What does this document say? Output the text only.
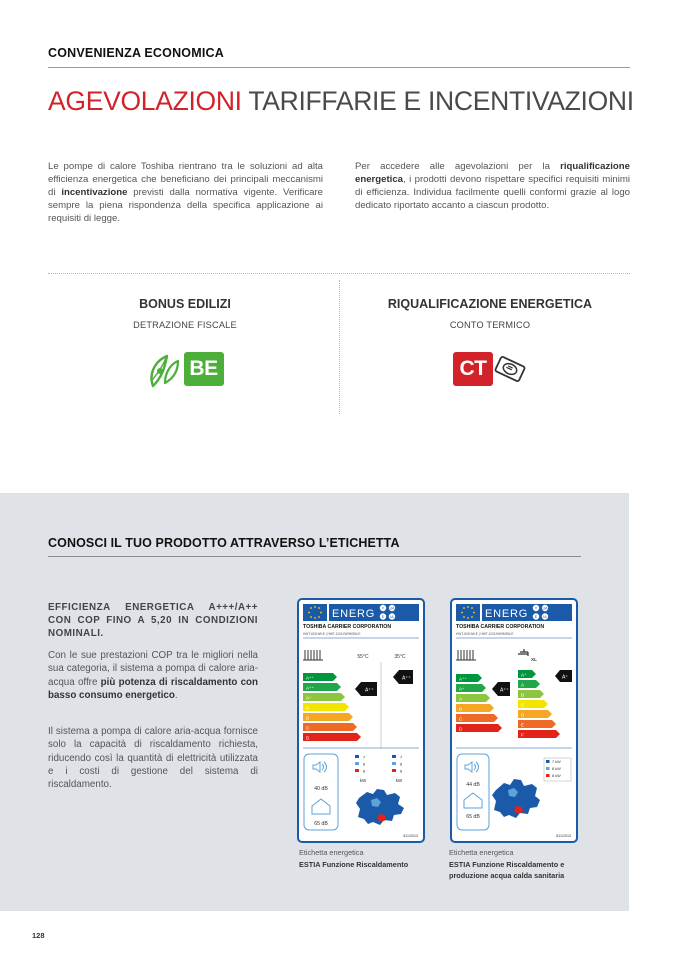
CONVENIENZA ECONOMICA
AGEVOLAZIONI TARIFFARIE E INCENTIVAZIONI

Le pompe di calore Toshiba rientrano tra le soluzioni ad alta efficienza energetica che beneficiano dei principali meccanismi di incentivazione previsti dalla normativa vigente. Verificare sempre la piena rispondenza della specifica applicazione ai requisiti di legge.

Per accedere alle agevolazioni per la riqualificazione energetica, i prodotti devono rispettare specifici requisiti minimi di efficienza. Individua facilmente quelli conformi grazie al logo dedicato riportato accanto a ciascun prodotto.

BONUS EDILIZI
DETRAZIONE FISCALE
BE
RIQUALIFICAZIONE ENERGETICA
CONTO TERMICO
CT
CONOSCI IL TUO PRODOTTO ATTRAVERSO L’ETICHETTA

EFFICIENZA ENERGETICA A+++/A++ CON COP FINO A 5,20 IN CONDIZIONI NOMINALI.

Con le sue prestazioni COP tra le migliori nella sua categoria, il sistema a pompa di calore aria-acqua offre più potenza di riscaldamento con basso consumo energetico.

Il sistema a pompa di calore aria-acqua fornisce solo la capacità di riscaldamento richiesta, riducendo così la quantità di elettricità utilizzata e i costi di gestione del sistema di riscaldamento.

ENERG Y UA
E IA
TOSHIBA CARRIER CORPORATION
HWT-601HW-E | HWT-1101XWHM3W-E
55°C	35°C
A⁺⁺
A⁺⁺
A⁺
A
B
C
D
A⁺⁺
A⁺⁺
40 dB
65 dB
7
8
8
7
8
8
kW	kW
811/2013
Etichetta energetica
ESTIA Funzione Riscaldamento
ENERG Y UA
E IA
TOSHIBA CARRIER CORPORATION
HWT-601HW-E | HWT-1101XWHM3W-E
XL
A⁺⁺
A⁺
A
B
C
D
A⁺⁺
A⁺
A
B
C
D
E
F
A⁺
44 dB
65 dB
7 kW
8 kW
8 kW
811/2013
Etichetta energetica
ESTIA Funzione Riscaldamento e produzione acqua calda sanitaria
128
